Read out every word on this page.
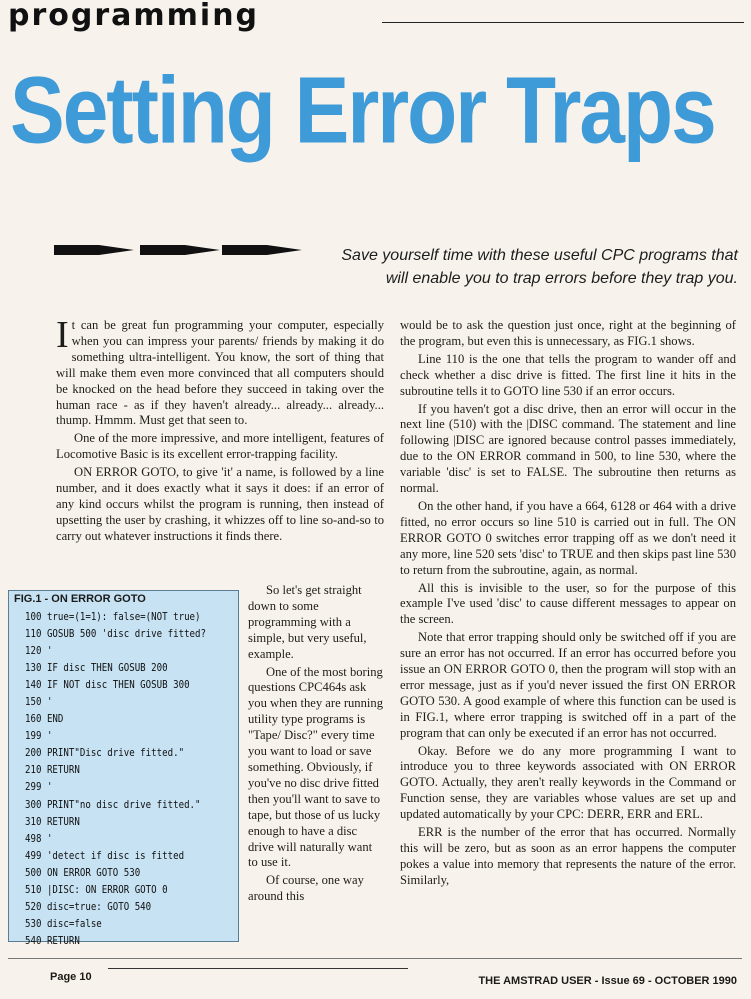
programming
Setting Error Traps
Save yourself time with these useful CPC programs that will enable you to trap errors before they trap you.

It can be great fun programming your computer, especially when you can impress your parents/ friends by making it do something ultra-intelligent. You know, the sort of thing that will make them even more convinced that all computers should be knocked on the head before they succeed in taking over the human race - as if they haven't already... already... already... thump. Hmmm. Must get that seen to.

One of the more impressive, and more intelligent, features of Locomotive Basic is its excellent error-trapping facility.

ON ERROR GOTO, to give 'it' a name, is followed by a line number, and it does exactly what it says it does: if an error of any kind occurs whilst the program is running, then instead of upsetting the user by crashing, it whizzes off to line so-and-so to carry out whatever instructions it finds there.

So let's get straight down to some programming with a simple, but very useful, example.

One of the most boring questions CPC464s ask you when they are running utility type programs is "Tape/ Disc?" every time you want to load or save something. Obviously, if you've no disc drive fitted then you'll want to save to tape, but those of us lucky enough to have a disc drive will naturally want to use it.

Of course, one way around this

FIG.1 - ON ERROR GOTO
100 true=(1=1): false=(NOT true)
110 GOSUB 500 'disc drive fitted?
120 '
130 IF disc THEN GOSUB 200
140 IF NOT disc THEN GOSUB 300
150 '
160 END
199 '
200 PRINT"Disc drive fitted."
210 RETURN
299 '
300 PRINT"no disc drive fitted."
310 RETURN
498 '
499 'detect if disc is fitted
500 ON ERROR GOTO 530
510 |DISC: ON ERROR GOTO 0
520 disc=true: GOTO 540
530 disc=false
540 RETURN

would be to ask the question just once, right at the beginning of the program, but even this is unnecessary, as FIG.1 shows.

Line 110 is the one that tells the program to wander off and check whether a disc drive is fitted. The first line it hits in the subroutine tells it to GOTO line 530 if an error occurs.

If you haven't got a disc drive, then an error will occur in the next line (510) with the |DISC command. The statement and line following |DISC are ignored because control passes immediately, due to the ON ERROR command in 500, to line 530, where the variable 'disc' is set to FALSE. The subroutine then returns as normal.

On the other hand, if you have a 664, 6128 or 464 with a drive fitted, no error occurs so line 510 is carried out in full. The ON ERROR GOTO 0 switches error trapping off as we don't need it any more, line 520 sets 'disc' to TRUE and then skips past line 530 to return from the subroutine, again, as normal.

All this is invisible to the user, so for the purpose of this example I've used 'disc' to cause different messages to appear on the screen.

Note that error trapping should only be switched off if you are sure an error has not occurred. If an error has occurred before you issue an ON ERROR GOTO 0, then the program will stop with an error message, just as if you'd never issued the first ON ERROR GOTO 530. A good example of where this function can be used is in FIG.1, where error trapping is switched off in a part of the program that can only be executed if an error has not occurred.

Okay. Before we do any more programming I want to introduce you to three keywords associated with ON ERROR GOTO. Actually, they aren't really keywords in the Command or Function sense, they are variables whose values are set up and updated automatically by your CPC: DERR, ERR and ERL.

ERR is the number of the error that has occurred. Normally this will be zero, but as soon as an error happens the computer pokes a value into memory that represents the nature of the error. Similarly,

Page 10	THE AMSTRAD USER - Issue 69 - OCTOBER 1990
